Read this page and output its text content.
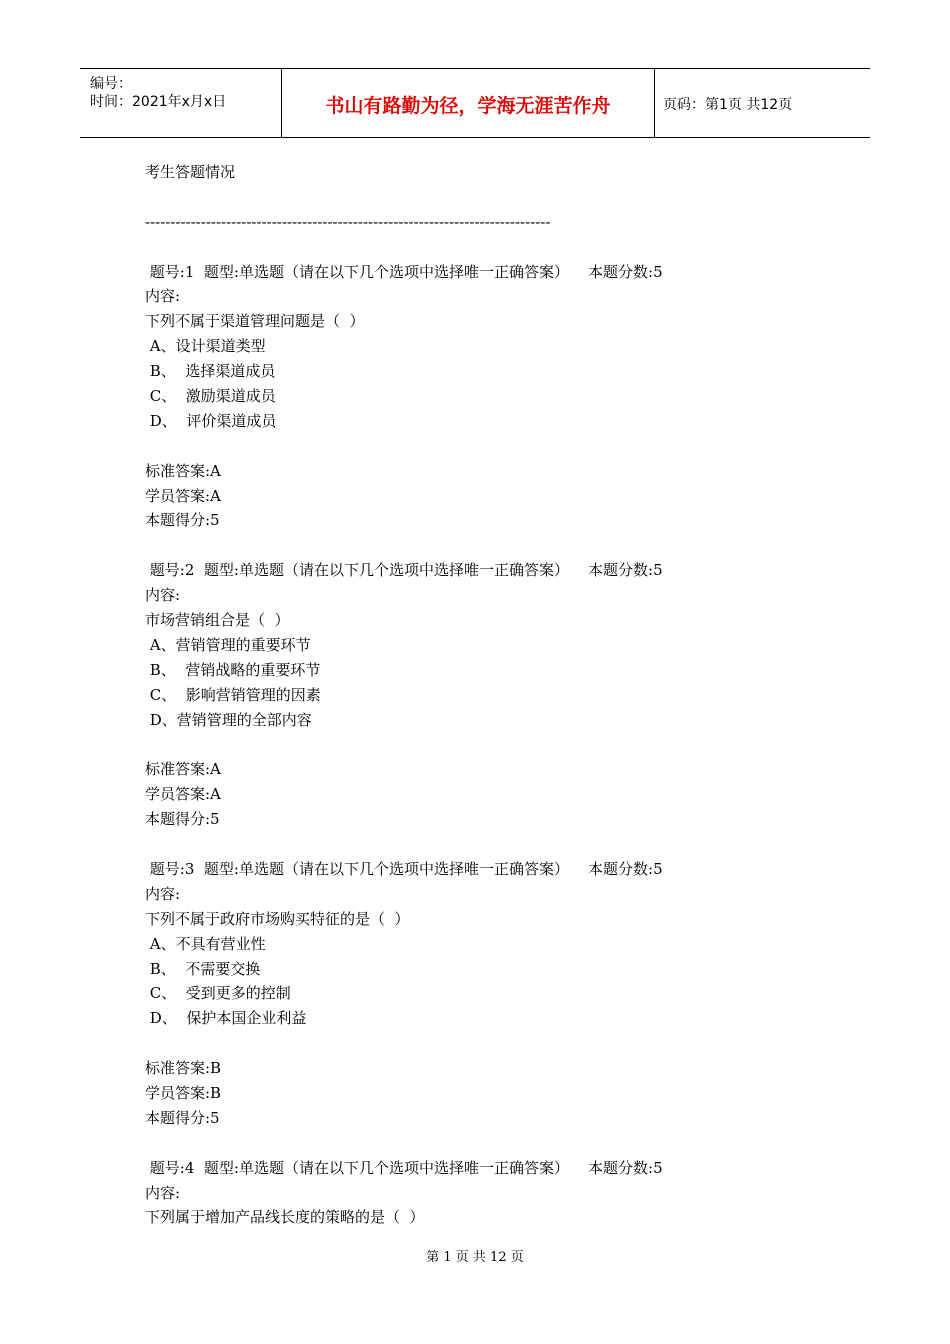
编号：
时间：2021年x月x日	书山有路勤为径，学海无涯苦作舟	页码：第1页 共12页
考生答题情况
--------------------------------------------------------------------------------
题号:1  题型:单选题（请在以下几个选项中选择唯一正确答案）    本题分数:5
内容:
下列不属于渠道管理问题是（  ）
A、设计渠道类型
B、  选择渠道成员
C、  激励渠道成员
D、  评价渠道成员
标准答案:A
学员答案:A
本题得分:5
题号:2  题型:单选题（请在以下几个选项中选择唯一正确答案）    本题分数:5
内容:
市场营销组合是（  ）
A、营销管理的重要环节
B、  营销战略的重要环节
C、  影响营销管理的因素
D、营销管理的全部内容
标准答案:A
学员答案:A
本题得分:5
题号:3  题型:单选题（请在以下几个选项中选择唯一正确答案）    本题分数:5
内容:
下列不属于政府市场购买特征的是（  ）
A、不具有营业性
B、  不需要交换
C、  受到更多的控制
D、  保护本国企业利益
标准答案:B
学员答案:B
本题得分:5
题号:4  题型:单选题（请在以下几个选项中选择唯一正确答案）    本题分数:5
内容:
下列属于增加产品线长度的策略的是（  ）
第 1 页 共 12 页
